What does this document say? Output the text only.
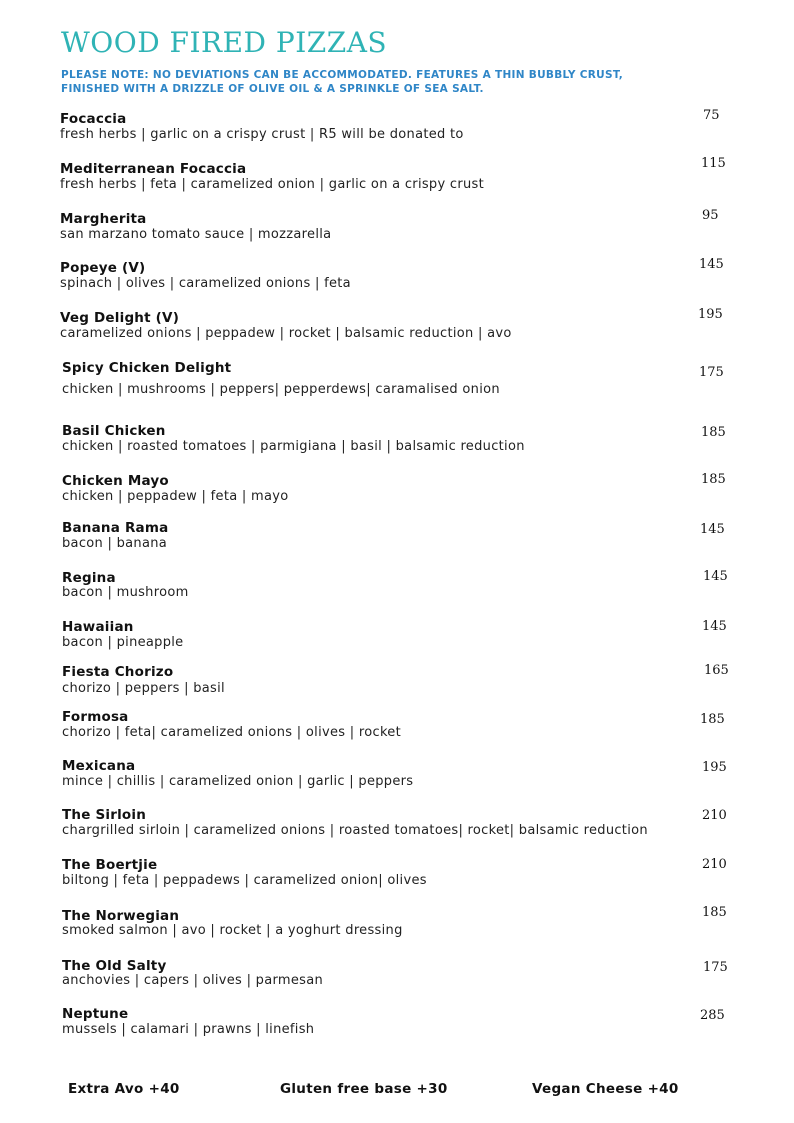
WOOD FIRED PIZZAS
PLEASE NOTE: NO DEVIATIONS CAN BE ACCOMMODATED. FEATURES A THIN BUBBLY CRUST,
FINISHED WITH A DRIZZLE OF OLIVE OIL & A SPRINKLE OF SEA SALT.
Focaccia
fresh herbs | garlic on a crispy crust | R5 will be donated to
75
Mediterranean Focaccia
fresh herbs | feta | caramelized onion | garlic on a crispy crust
115
Margherita
san marzano tomato sauce | mozzarella
95
Popeye (V)
spinach | olives | caramelized onions | feta
145
Veg Delight (V)
caramelized onions | peppadew | rocket | balsamic reduction | avo
195
Spicy Chicken Delight
chicken | mushrooms | peppers| pepperdews| caramalised onion
175
Basil Chicken
chicken | roasted tomatoes | parmigiana | basil | balsamic reduction
185
Chicken Mayo
chicken | peppadew | feta | mayo
185
Banana Rama
bacon | banana
145
Regina
bacon | mushroom
145
Hawaiian
bacon | pineapple
145
Fiesta Chorizo
chorizo | peppers | basil
165
Formosa
chorizo | feta| caramelized onions | olives | rocket
185
Mexicana
mince | chillis | caramelized onion | garlic | peppers
195
The Sirloin
chargrilled sirloin | caramelized onions | roasted tomatoes| rocket| balsamic reduction
210
The Boertjie
biltong | feta | peppadews | caramelized onion| olives
210
The Norwegian
smoked salmon | avo | rocket | a yoghurt dressing
185
The Old Salty
anchovies | capers | olives | parmesan
175
Neptune
mussels | calamari | prawns | linefish
285
Extra Avo +40	Gluten free base +30	Vegan Cheese +40
